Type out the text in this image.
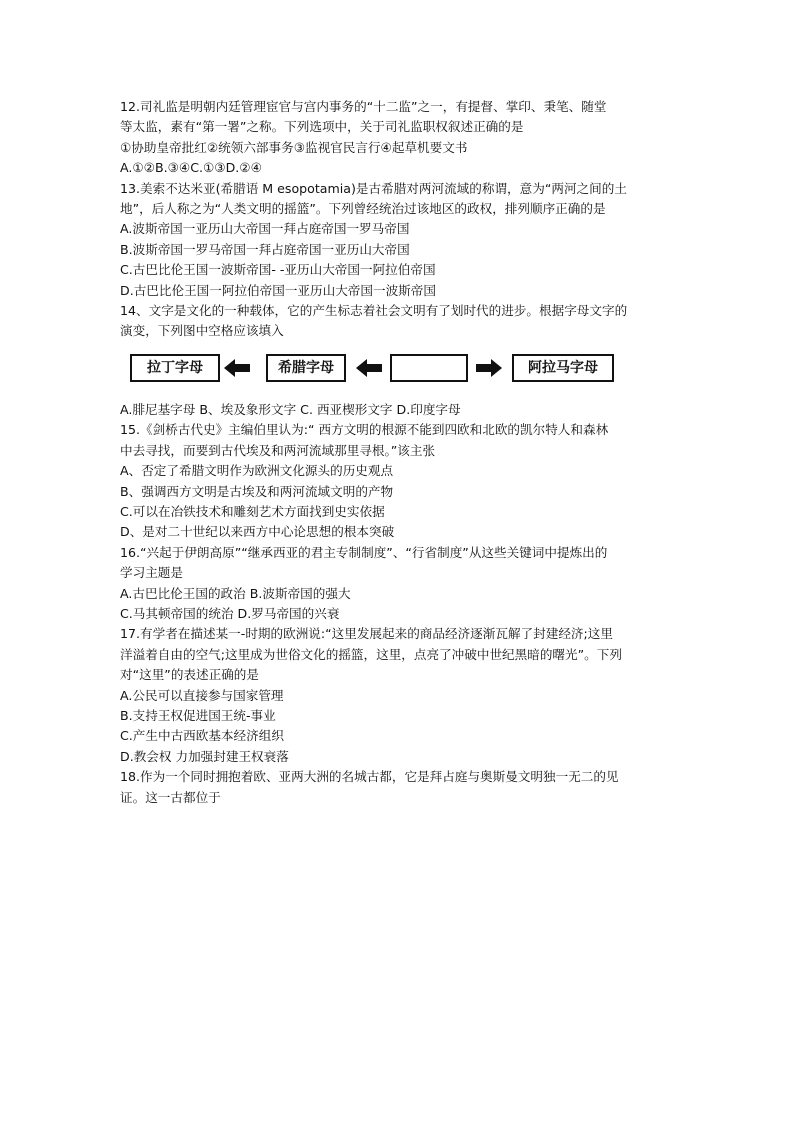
12.司礼监是明朝内廷管理宦官与宫内事务的“十二监”之一，有提督、掌印、秉笔、随堂

等太监，素有“第一署”之称。下列选项中，关于司礼监职权叙述正确的是

①协助皇帝批红②统领六部事务③监视官民言行④起草机要文书

A.①②B.③④C.①③D.②④

13.美索不达米亚(希腊语 M esopotamia)是古希腊对两河流域的称谓，意为“两河之间的土

地”，后人称之为“人类文明的摇篮”。下列曾经统治过该地区的政权，排列顺序正确的是

A.波斯帝国一亚历山大帝国一拜占庭帝国一罗马帝国

B.波斯帝国一罗马帝国一拜占庭帝国一亚历山大帝国

C.古巴比伦王国一波斯帝国- -亚历山大帝国一阿拉伯帝国

D.古巴比伦王国一阿拉伯帝国一亚历山大帝国一波斯帝国

14、文字是文化的一种载体，它的产生标志着社会文明有了划时代的进步。根据字母文字的

演变，下列图中空格应该填入

拉丁字母	希腊字母	阿拉马字母

A.腓尼基字母 B、埃及象形文字 C. 西亚楔形文字 D.印度字母

15.《剑桥古代史》主编伯里认为:“ 西方文明的根源不能到四欧和北欧的凯尔特人和森林

中去寻找，而要到古代埃及和两河流域那里寻根。”该主张

A、否定了希腊文明作为欧洲文化源头的历史观点

B、强调西方文明是古埃及和两河流域文明的产物

C.可以在冶铁技术和雕刻艺术方面找到史实依据

D、是对二十世纪以来西方中心论思想的根本突破

16.“兴起于伊朗高原”“继承西亚的君主专制制度”、“行省制度”从这些关键词中提炼出的

学习主题是

A.古巴比伦王国的政治 B.波斯帝国的强大

C.马其顿帝国的统治 D.罗马帝国的兴衰

17.有学者在描述某一-时期的欧洲说:“这里发展起来的商品经济逐渐瓦解了封建经济;这里

洋溢着自由的空气;这里成为世俗文化的摇篮，这里，点亮了冲破中世纪黑暗的曙光”。下列

对“这里”的表述正确的是

A.公民可以直接参与国家管理

B.支持王权促进国王统-事业

C.产生中古西欧基本经济组织

D.教会权 力加强封建王权衰落

18.作为一个同时拥抱着欧、亚两大洲的名城古都，它是拜占庭与奥斯曼文明独一无二的见

证。这一古都位于
